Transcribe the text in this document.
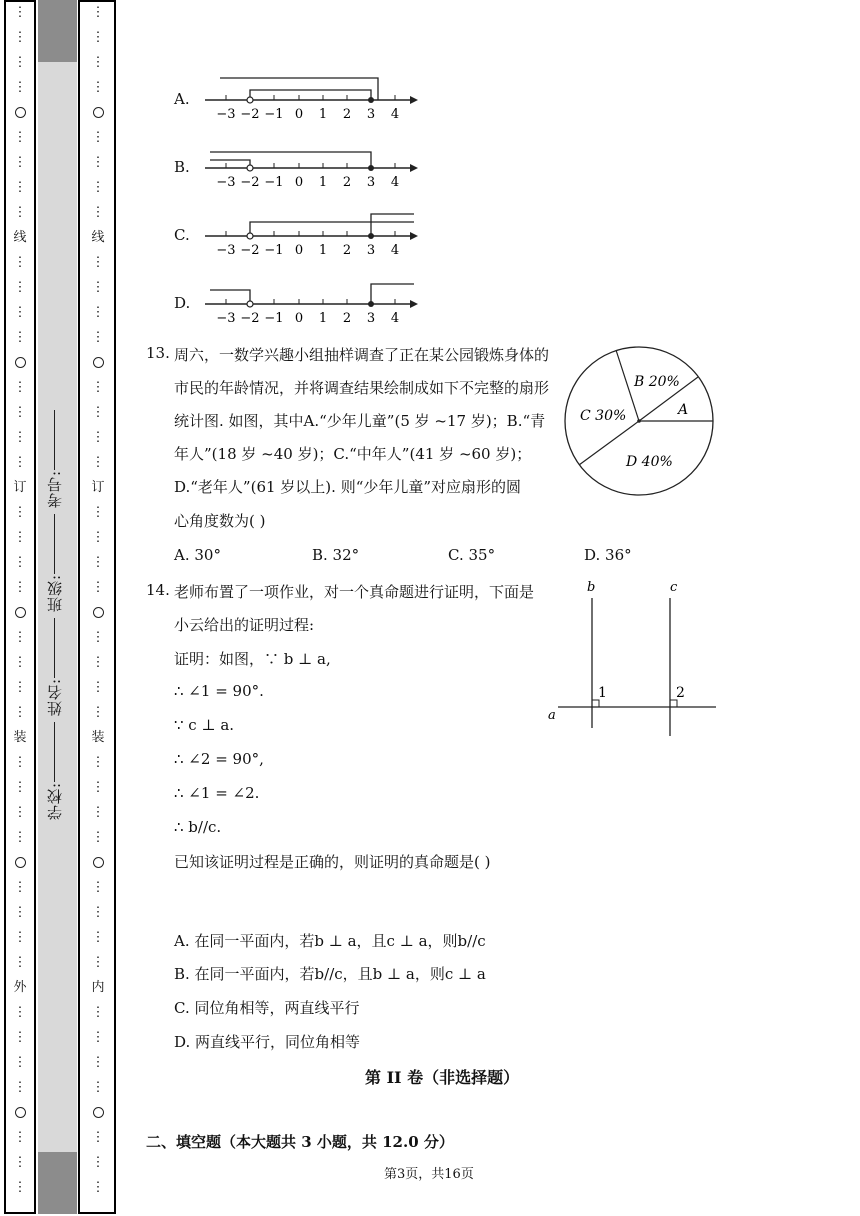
⋮
⋮
⋮
⋮
⋮
⋮
⋮
⋮
线
⋮
⋮
⋮
⋮
⋮
⋮
⋮
⋮
订
⋮
⋮
⋮
⋮
⋮
⋮
⋮
⋮
装
⋮
⋮
⋮
⋮
⋮
⋮
⋮
⋮
外
⋮
⋮
⋮
⋮
⋮
⋮
⋮
⋮
⋮
⋮
⋮
⋮
⋮
⋮
⋮
线
⋮
⋮
⋮
⋮
⋮
⋮
⋮
⋮
订
⋮
⋮
⋮
⋮
⋮
⋮
⋮
⋮
装
⋮
⋮
⋮
⋮
⋮
⋮
⋮
⋮
内
⋮
⋮
⋮
⋮
⋮
⋮
⋮
学校: 姓名: 班级: 考号:
A.
B.
C.
D.
−3 −2 −1 0 1 2 3 4
−3 −2 −1 0 1 2 3 4
−3 −2 −1 0 1 2 3 4
−3 −2 −1 0 1 2 3 4
13. 周六，一数学兴趣小组抽样调查了正在某公园锻炼身体的
市民的年龄情况，并将调查结果绘制成如下不完整的扇形
统计图. 如图，其中A.“少年儿童”(5 岁 ~17 岁)；B.“青
年人”(18 岁 ~40 岁)；C.“中年人”(41 岁 ~60 岁)；
D.“老年人”(61 岁以上). 则“少年儿童”对应扇形的圆
心角度数为( )
A. 30°	B. 32°	C. 35°	D. 36°
B 20%
A
C 30%
D 40%
14. 老师布置了一项作业，对一个真命题进行证明，下面是
小云给出的证明过程:
证明：如图，∵ b ⊥ a,
∴ ∠1 = 90°.
∵ c ⊥ a.
∴ ∠2 = 90°,
∴ ∠1 = ∠2.
∴ b//c.
已知该证明过程是正确的，则证明的真命题是( )
A. 在同一平面内，若b ⊥ a，且c ⊥ a，则b//c
B. 在同一平面内，若b//c，且b ⊥ a，则c ⊥ a
C. 同位角相等，两直线平行
D. 两直线平行，同位角相等
b	c
a
1	2
第 II 卷（非选择题）
二、填空题（本大题共 3 小题，共 12.0 分）
第3页，共16页
